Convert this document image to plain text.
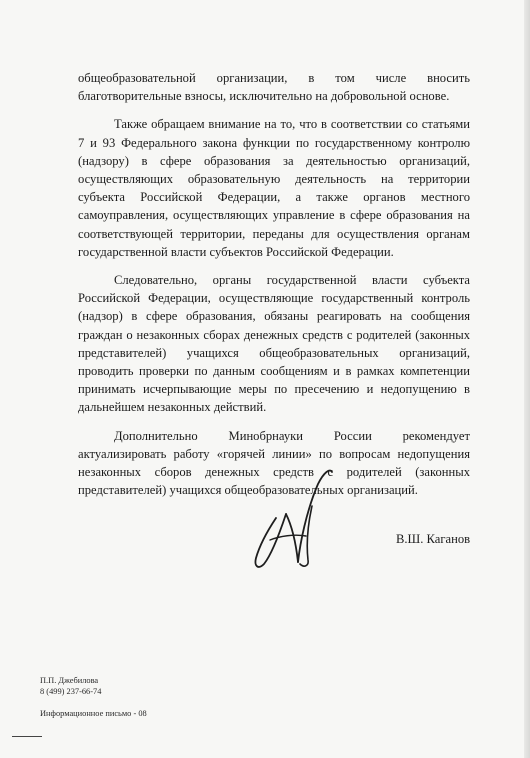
общеобразовательной организации, в том числе вносить благотворительные взносы, исключительно на добровольной основе.

Также обращаем внимание на то, что в соответствии со статьями 7 и 93 Федерального закона функции по государственному контролю (надзору) в сфере образования за деятельностью организаций, осуществляющих образовательную деятельность на территории субъекта Российской Федерации, а также органов местного самоуправления, осуществляющих управление в сфере образования на соответствующей территории, переданы для осуществления органам государственной власти субъектов Российской Федерации.

Следовательно, органы государственной власти субъекта Российской Федерации, осуществляющие государственный контроль (надзор) в сфере образования, обязаны реагировать на сообщения граждан о незаконных сборах денежных средств с родителей (законных представителей) учащихся общеобразовательных организаций, проводить проверки по данным сообщениям и в рамках компетенции принимать исчерпывающие меры по пресечению и недопущению в дальнейшем незаконных действий.

Дополнительно Минобрнауки России рекомендует актуализировать работу «горячей линии» по вопросам недопущения незаконных сборов денежных средств с родителей (законных представителей) учащихся общеобразовательных организаций.

В.Ш. Каганов
П.П. Джебилова
8 (499) 237-66-74
Информационное письмо - 08
